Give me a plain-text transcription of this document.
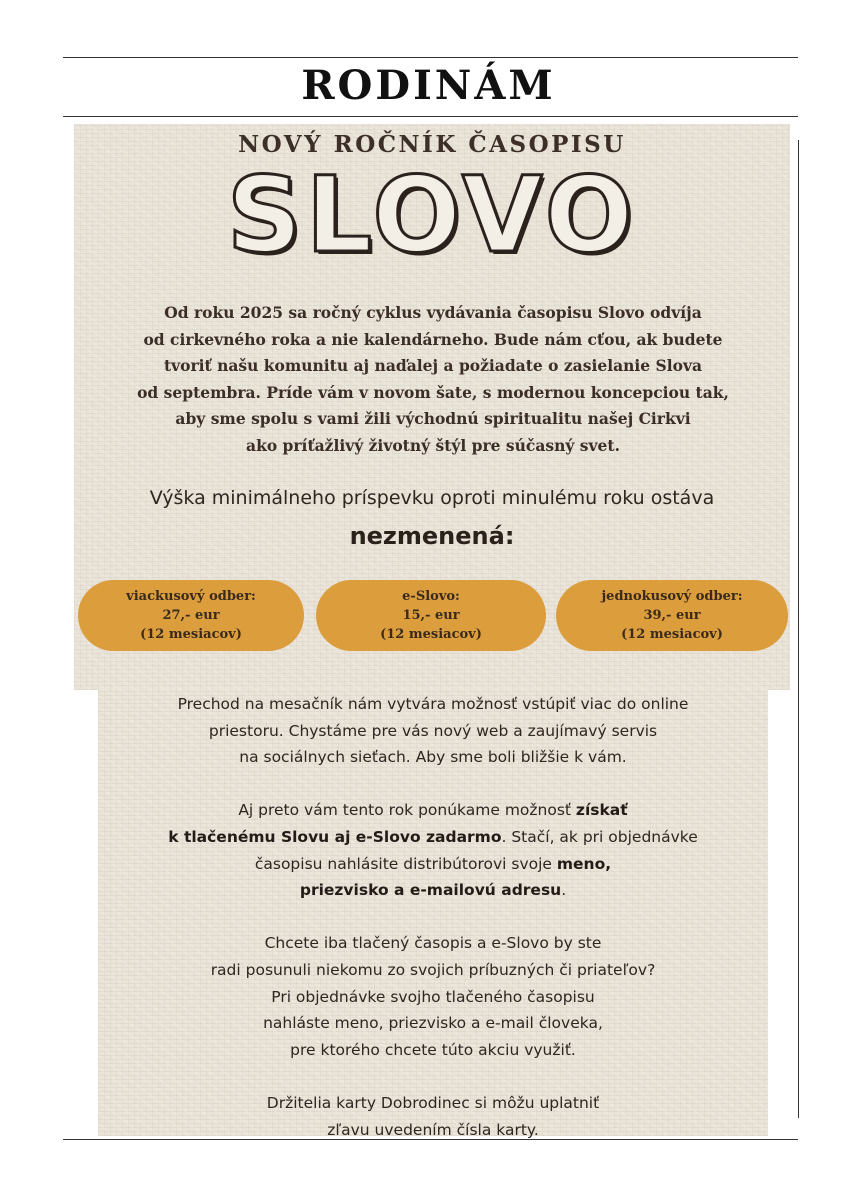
RODINÁM
NOVÝ ROČNÍK ČASOPISU
SLOVO
Od roku 2025 sa ročný cyklus vydávania časopisu Slovo odvíja
od cirkevného roka a nie kalendárneho. Bude nám cťou, ak budete
tvoriť našu komunitu aj naďalej a požiadate o zasielanie Slova
od septembra. Príde vám v novom šate, s modernou koncepciou tak,
aby sme spolu s vami žili východnú spiritualitu našej Cirkvi
ako príťažlivý životný štýl pre súčasný svet.
Výška minimálneho príspevku oproti minulému roku ostáva
nezmenená:
viackusový odber:
27,- eur
(12 mesiacov)
e-Slovo:
15,- eur
(12 mesiacov)
jednokusový odber:
39,- eur
(12 mesiacov)
Prechod na mesačník nám vytvára možnosť vstúpiť viac do online
priestoru. Chystáme pre vás nový web a zaujímavý servis
na sociálnych sieťach. Aby sme boli bližšie k vám.
Aj preto vám tento rok ponúkame možnosť získať
k tlačenému Slovu aj e-Slovo zadarmo. Stačí, ak pri objednávke
časopisu nahlásite distribútorovi svoje meno,
priezvisko a e-mailovú adresu.
Chcete iba tlačený časopis a e-Slovo by ste
radi posunuli niekomu zo svojich príbuzných či priateľov?
Pri objednávke svojho tlačeného časopisu
nahláste meno, priezvisko a e-mail človeka,
pre ktorého chcete túto akciu využiť.
Držitelia karty Dobrodinec si môžu uplatniť
zľavu uvedením čísla karty.
